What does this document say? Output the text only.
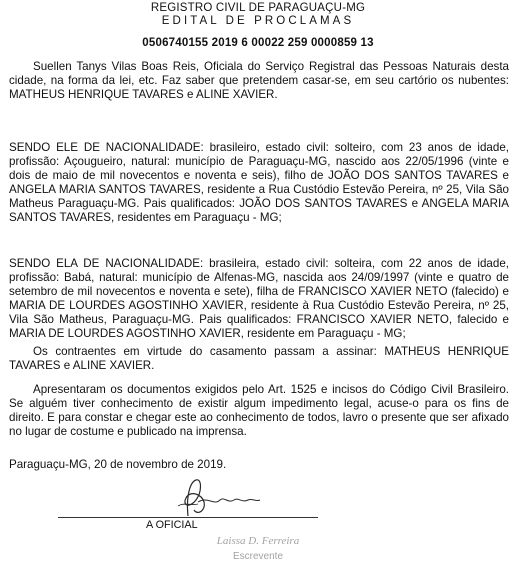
REGISTRO CIVIL DE PARAGUAÇU-MG
EDITAL DE PROCLAMAS
0506740155 2019 6 00022 259 0000859 13
Suellen Tanys Vilas Boas Reis, Oficiala do Serviço Registral das Pessoas Naturais desta cidade, na forma da lei, etc. Faz saber que pretendem casar-se, em seu cartório os nubentes: MATHEUS HENRIQUE TAVARES e ALINE XAVIER.
SENDO ELE DE NACIONALIDADE: brasileiro, estado civil: solteiro, com 23 anos de idade, profissão: Açougueiro, natural: município de Paraguaçu-MG, nascido aos 22/05/1996 (vinte e dois de maio de mil novecentos e noventa e seis), filho de JOÃO DOS SANTOS TAVARES e ANGELA MARIA SANTOS TAVARES, residente a Rua Custódio Estevão Pereira, nº 25, Vila São Matheus Paraguaçu-MG. Pais qualificados: JOÃO DOS SANTOS TAVARES e ANGELA MARIA SANTOS TAVARES, residentes em Paraguaçu - MG;
SENDO ELA DE NACIONALIDADE: brasileira, estado civil: solteira, com 22 anos de idade, profissão: Babá, natural: município de Alfenas-MG, nascida aos 24/09/1997 (vinte e quatro de setembro de mil novecentos e noventa e sete), filha de FRANCISCO XAVIER NETO (falecido) e MARIA DE LOURDES AGOSTINHO XAVIER, residente à Rua Custódio Estevão Pereira, nº 25, Vila São Matheus, Paraguaçu-MG. Pais qualificados: FRANCISCO XAVIER NETO, falecido e MARIA DE LOURDES AGOSTINHO XAVIER, residente em Paraguaçu - MG;
Os contraentes em virtude do casamento passam a assinar: MATHEUS HENRIQUE TAVARES e ALINE XAVIER.
Apresentaram os documentos exigidos pelo Art. 1525 e incisos do Código Civil Brasileiro. Se alguém tiver conhecimento de existir algum impedimento legal, acuse-o para os fins de direito. E para constar e chegar este ao conhecimento de todos, lavro o presente que ser afixado no lugar de costume e publicado na imprensa.
Paraguaçu-MG, 20 de novembro de 2019.
A OFICIAL
Laissa D. Ferreira
Escrevente
